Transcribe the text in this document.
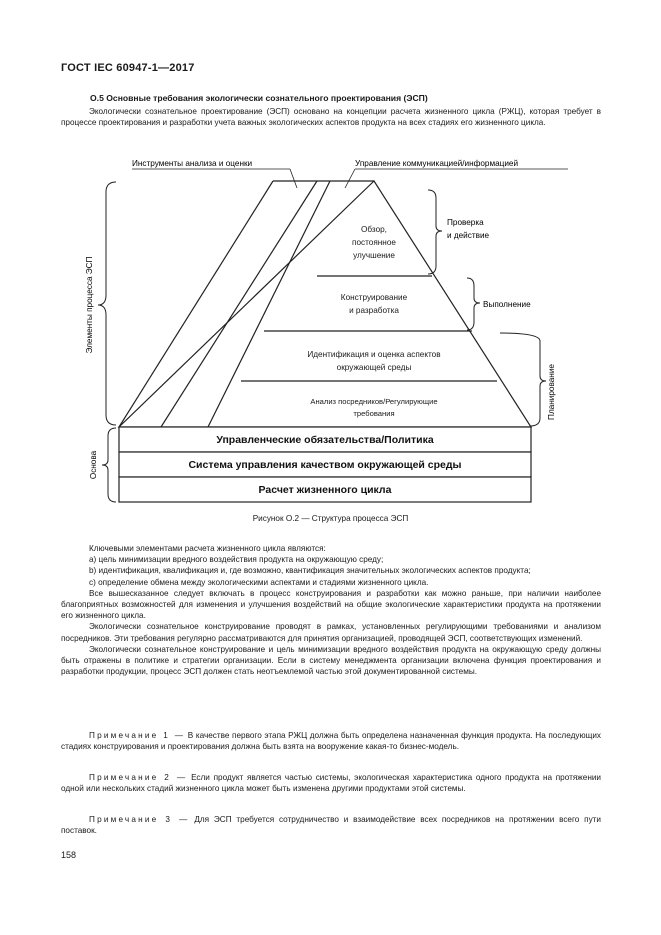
ГОСТ IEC 60947-1—2017
O.5 Основные требования экологически сознательного проектирования (ЭСП)

Экологически сознательное проектирование (ЭСП) основано на концепции расчета жизненного цикла (РЖЦ), которая требует в процессе проектирования и разработки учета важных экологических аспектов продукта на всех стадиях его жизненного цикла.

Инструменты анализа и оценки	Управление коммуникацией/информацией
Обзор,
постоянное
улучшение
Конструирование
и разработка
Идентификация и оценка аспектов
окружающей среды
Анализ посредников/Регулирующие
требования
Управленческие обязательства/Политика
Система управления качеством окружающей среды
Расчет жизненного цикла
Элементы процесса ЭСП
Основа
Проверка
и действие
Выполнение
Планирование
Рисунок O.2 — Структура процесса ЭСП

Ключевыми элементами расчета жизненного цикла являются:

a) цель минимизации вредного воздействия продукта на окружающую среду;

b) идентификация, квалификация и, где возможно, квантификация значительных экологических аспектов продукта;

c) определение обмена между экологическими аспектами и стадиями жизненного цикла.

Все вышесказанное следует включать в процесс конструирования и разработки как можно раньше, при наличии наиболее благоприятных возможностей для изменения и улучшения воздействий на общие экологические характеристики продукта на протяжении его жизненного цикла.

Экологически сознательное конструирование проводят в рамках, установленных регулирующими требованиями и анализом посредников. Эти требования регулярно рассматриваются для принятия организацией, проводящей ЭСП, соответствующих изменений.

Экологически сознательное конструирование и цель минимизации вредного воздействия продукта на окружающую среду должны быть отражены в политике и стратегии организации. Если в систему менеджмента организации включена функция проектирования и разработки продукции, процесс ЭСП должен стать неотъемлемой частью этой документированной системы.

Примечание 1 — В качестве первого этапа РЖЦ должна быть определена назначенная функция продукта. На последующих стадиях конструирования и проектирования должна быть взята на вооружение какая-то бизнес-модель.

Примечание 2 — Если продукт является частью системы, экологическая характеристика одного продукта на протяжении одной или нескольких стадий жизненного цикла может быть изменена другими продуктами этой системы.

Примечание 3 — Для ЭСП требуется сотрудничество и взаимодействие всех посредников на протяжении всего пути поставок.

158
